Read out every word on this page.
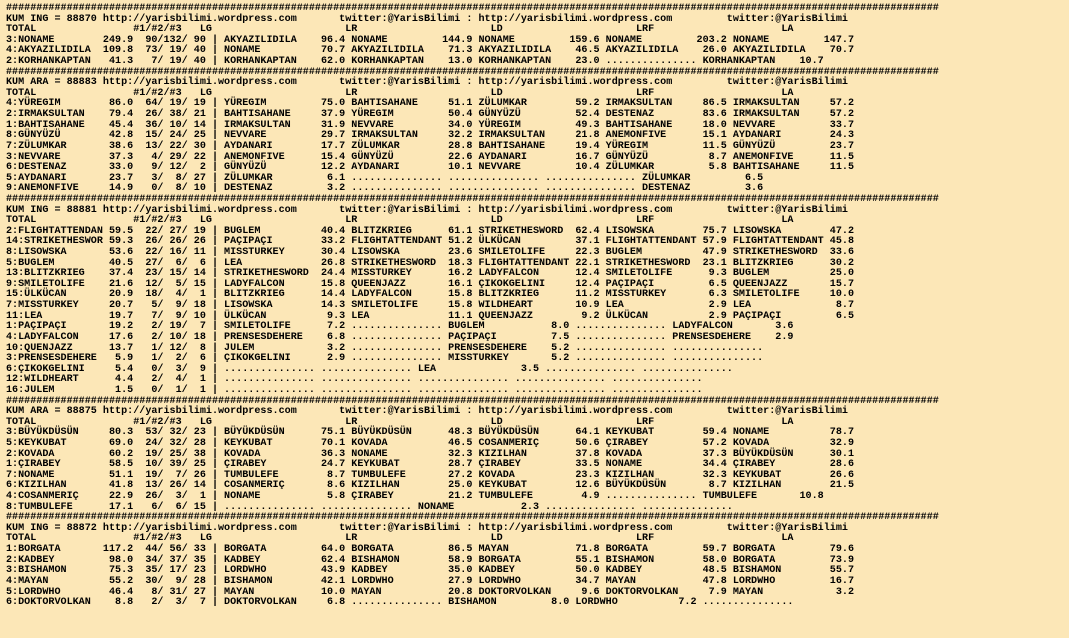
##########################################################################################################################################################
KUM ING = 88870 http://yarisbilimi.wordpress.com       twitter:@YarisBilimi : http://yarisbilimi.wordpress.com         twitter:@YarisBilimi
TOTAL                #1/#2/#3   LG                      LR                      LD                      LRF                     LA
3:NONAME        249.9  90/132/ 90 | AKYAZILIDILA    96.4 NONAME         144.9 NONAME         159.6 NONAME         203.2 NONAME         147.7
4:AKYAZILIDILA  109.8  73/ 19/ 40 | NONAME          70.7 AKYAZILIDILA    71.3 AKYAZILIDILA    46.5 AKYAZILIDILA    26.0 AKYAZILIDILA    70.7
2:KORHANKAPTAN   41.3   7/ 19/ 40 | KORHANKAPTAN    62.0 KORHANKAPTAN    13.0 KORHANKAPTAN    23.0 ............... KORHANKAPTAN    10.7
##########################################################################################################################################################
KUM ARA = 88883 http://yarisbilimi.wordpress.com       twitter:@YarisBilimi : http://yarisbilimi.wordpress.com         twitter:@YarisBilimi
TOTAL                #1/#2/#3   LG                      LR                      LD                      LRF                     LA
4:YÜREGIM        86.0  64/ 19/ 19 | YÜREGIM         75.0 BAHTISAHANE     51.1 ZÜLUMKAR        59.2 IRMAKSULTAN     86.5 IRMAKSULTAN     57.2
2:IRMAKSULTAN    79.4  26/ 38/ 21 | BAHTISAHANE     37.9 YÜREGIM         50.4 GÜNYÜZÜ         52.4 DESTENAZ        83.6 IRMAKSULTAN     57.2
1:BAHTISAHANE    45.4  36/ 10/ 14 | IRMAKSULTAN     31.9 NEVVARE         34.0 YÜREGIM         49.3 BAHTISAHANE     18.0 NEVVARE         33.7
8:GÜNYÜZÜ        42.8  15/ 24/ 25 | NEVVARE         29.7 IRMAKSULTAN     32.2 IRMAKSULTAN     21.8 ANEMONFIVE      15.1 AYDANARI        24.3
7:ZÜLUMKAR       38.6  13/ 22/ 30 | AYDANARI        17.7 ZÜLUMKAR        28.8 BAHTISAHANE     19.4 YÜREGIM         11.5 GÜNYÜZÜ         23.7
3:NEVVARE        37.3   4/ 29/ 22 | ANEMONFIVE      15.4 GÜNYÜZÜ         22.6 AYDANARI        16.7 GÜNYÜZÜ          8.7 ANEMONFIVE      11.5
6:DESTENAZ       33.0   9/ 12/  2 | GÜNYÜZÜ         12.2 AYDANARI        10.1 NEVVARE         10.4 ZÜLUMKAR         5.8 BAHTISAHANE     11.5
5:AYDANARI       23.7   3/  8/ 27 | ZÜLUMKAR         6.1 ............... ............... ............... ZÜLUMKAR         6.5
9:ANEMONFIVE     14.9   0/  8/ 10 | DESTENAZ         3.2 ............... ............... ............... DESTENAZ         3.6
##########################################################################################################################################################
KUM ING = 88881 http://yarisbilimi.wordpress.com       twitter:@YarisBilimi : http://yarisbilimi.wordpress.com         twitter:@YarisBilimi
TOTAL                #1/#2/#3   LG                      LR                      LD                      LRF                     LA
2:FLIGHTATTENDAN 59.5  22/ 27/ 19 | BUGLEM          40.4 BLITZKRIEG      61.1 STRIKETHESWORD  62.4 LISOWSKA        75.7 LISOWSKA        47.2
14:STRIKETHESWOR 59.3  26/ 26/ 26 | PAÇIPAÇI        33.2 FLIGHTATTENDANT 51.2 ÜLKÜCAN         37.1 FLIGHTATTENDANT 57.9 FLIGHTATTENDANT 45.8
8:LISOWSKA       53.6  22/ 16/ 11 | MISSTURKEY      30.4 LISOWSKA        23.6 SMILETOLIFE     22.3 BUGLEM          47.9 STRIKETHESWORD  33.6
5:BUGLEM         40.5  27/  6/  6 | LEA             26.8 STRIKETHESWORD  18.3 FLIGHTATTENDANT 22.1 STRIKETHESWORD  23.1 BLITZKRIEG      30.2
13:BLITZKRIEG    37.4  23/ 15/ 14 | STRIKETHESWORD  24.4 MISSTURKEY      16.2 LADYFALCON      12.4 SMILETOLIFE      9.3 BUGLEM          25.0
9:SMILETOLIFE    21.6  12/  5/ 15 | LADYFALCON      15.8 QUEENJAZZ       16.1 ÇIKOKGELINI     12.4 PAÇIPAÇI         6.5 QUEENJAZZ       15.7
15:ÜLKÜCAN       20.9  18/  4/  1 | BLITZKRIEG      14.4 LADYFALCON      15.8 BLITZKRIEG      11.2 MISSTURKEY       6.3 SMILETOLIFE     10.0
7:MISSTURKEY     20.7   5/  9/ 18 | LISOWSKA        14.3 SMILETOLIFE     15.8 WILDHEART       10.9 LEA              2.9 LEA              8.7
11:LEA           19.7   7/  9/ 10 | ÜLKÜCAN          9.3 LEA             11.1 QUEENJAZZ        9.2 ÜLKÜCAN          2.9 PAÇIPAÇI         6.5
1:PAÇIPAÇI       19.2   2/ 19/  7 | SMILETOLIFE      7.2 ............... BUGLEM           8.0 ............... LADYFALCON       3.6
4:LADYFALCON     17.6   2/ 10/ 18 | PRENSESDEHERE    6.8 ............... PAÇIPAÇI         7.5 ............... PRENSESDEHERE    2.9
10:QUENJAZZ      13.7   1/ 12/  8 | JULEM            3.2 ............... PRENSESDEHERE    5.2 ............... ...............
3:PRENSESDEHERE   5.9   1/  2/  6 | ÇIKOKGELINI      2.9 ............... MISSTURKEY       5.2 ............... ...............
6:ÇIKOKGELINI     5.4   0/  3/  9 | ............... ............... LEA              3.5 ............... ...............
12:WILDHEART      4.4   2/  4/  1 | ............... ............... ............... ............... ...............
16:JULEM          1.5   0/  1/  1 | ............... ............... ............... ............... ...............
##########################################################################################################################################################
KUM ARA = 88875 http://yarisbilimi.wordpress.com       twitter:@YarisBilimi : http://yarisbilimi.wordpress.com         twitter:@YarisBilimi
TOTAL                #1/#2/#3   LG                      LR                      LD                      LRF                     LA
3:BÜYÜKDÜSÜN     80.3  53/ 32/ 23 | BÜYÜKDÜSÜN      75.1 BÜYÜKDÜSÜN      48.3 BÜYÜKDÜSÜN      64.1 KEYKUBAT        59.4 NONAME          78.7
5:KEYKUBAT       69.0  24/ 32/ 28 | KEYKUBAT        70.1 KOVADA          46.5 COSANMERIÇ      50.6 ÇIRABEY         57.2 KOVADA          32.9
2:KOVADA         60.2  19/ 25/ 38 | KOVADA          36.3 NONAME          32.3 KIZILHAN        37.8 KOVADA          37.3 BÜYÜKDÜSÜN      30.1
1:ÇIRABEY        58.5  10/ 39/ 25 | ÇIRABEY         24.7 KEYKUBAT        28.7 ÇIRABEY         33.5 NONAME          34.4 ÇIRABEY         28.6
7:NONAME         51.1  19/  7/ 26 | TUMBULEFE        8.7 TUMBULEFE       27.2 KOVADA          23.3 KIZILHAN        32.3 KEYKUBAT        26.6
6:KIZILHAN       41.8  13/ 26/ 14 | COSANMERIÇ       8.6 KIZILHAN        25.0 KEYKUBAT        12.6 BÜYÜKDÜSÜN       8.7 KIZILHAN        21.5
4:COSANMERIÇ     22.9  26/  3/  1 | NONAME           5.8 ÇIRABEY         21.2 TUMBULEFE        4.9 ............... TUMBULEFE       10.8
8:TUMBULEFE      17.1   6/  6/ 15 | ............... ............... NONAME           2.3 ............... ...............
##########################################################################################################################################################
KUM ING = 88872 http://yarisbilimi.wordpress.com       twitter:@YarisBilimi : http://yarisbilimi.wordpress.com         twitter:@YarisBilimi
TOTAL                #1/#2/#3   LG                      LR                      LD                      LRF                     LA
1:BORGATA       117.2  44/ 56/ 33 | BORGATA         64.0 BORGATA         86.5 MAYAN           71.8 BORGATA         59.7 BORGATA         79.6
2:KADBEY         98.0  34/ 37/ 35 | KADBEY          62.4 BISHAMON        58.9 BORGATA         55.1 BISHAMON        58.0 BORGATA         73.9
3:BISHAMON       75.3  35/ 17/ 23 | LORDWHO         43.9 KADBEY          35.0 KADBEY          50.0 KADBEY          48.5 BISHAMON        55.7
4:MAYAN          55.2  30/  9/ 28 | BISHAMON        42.1 LORDWHO         27.9 LORDWHO         34.7 MAYAN           47.8 LORDWHO         16.7
5:LORDWHO        46.4   8/ 31/ 27 | MAYAN           10.0 MAYAN           20.8 DOKTORVOLKAN     9.6 DOKTORVOLKAN     7.9 MAYAN            3.2
6:DOKTORVOLKAN    8.8   2/  3/  7 | DOKTORVOLKAN     6.8 ............... BISHAMON         8.0 LORDWHO          7.2 ...............
